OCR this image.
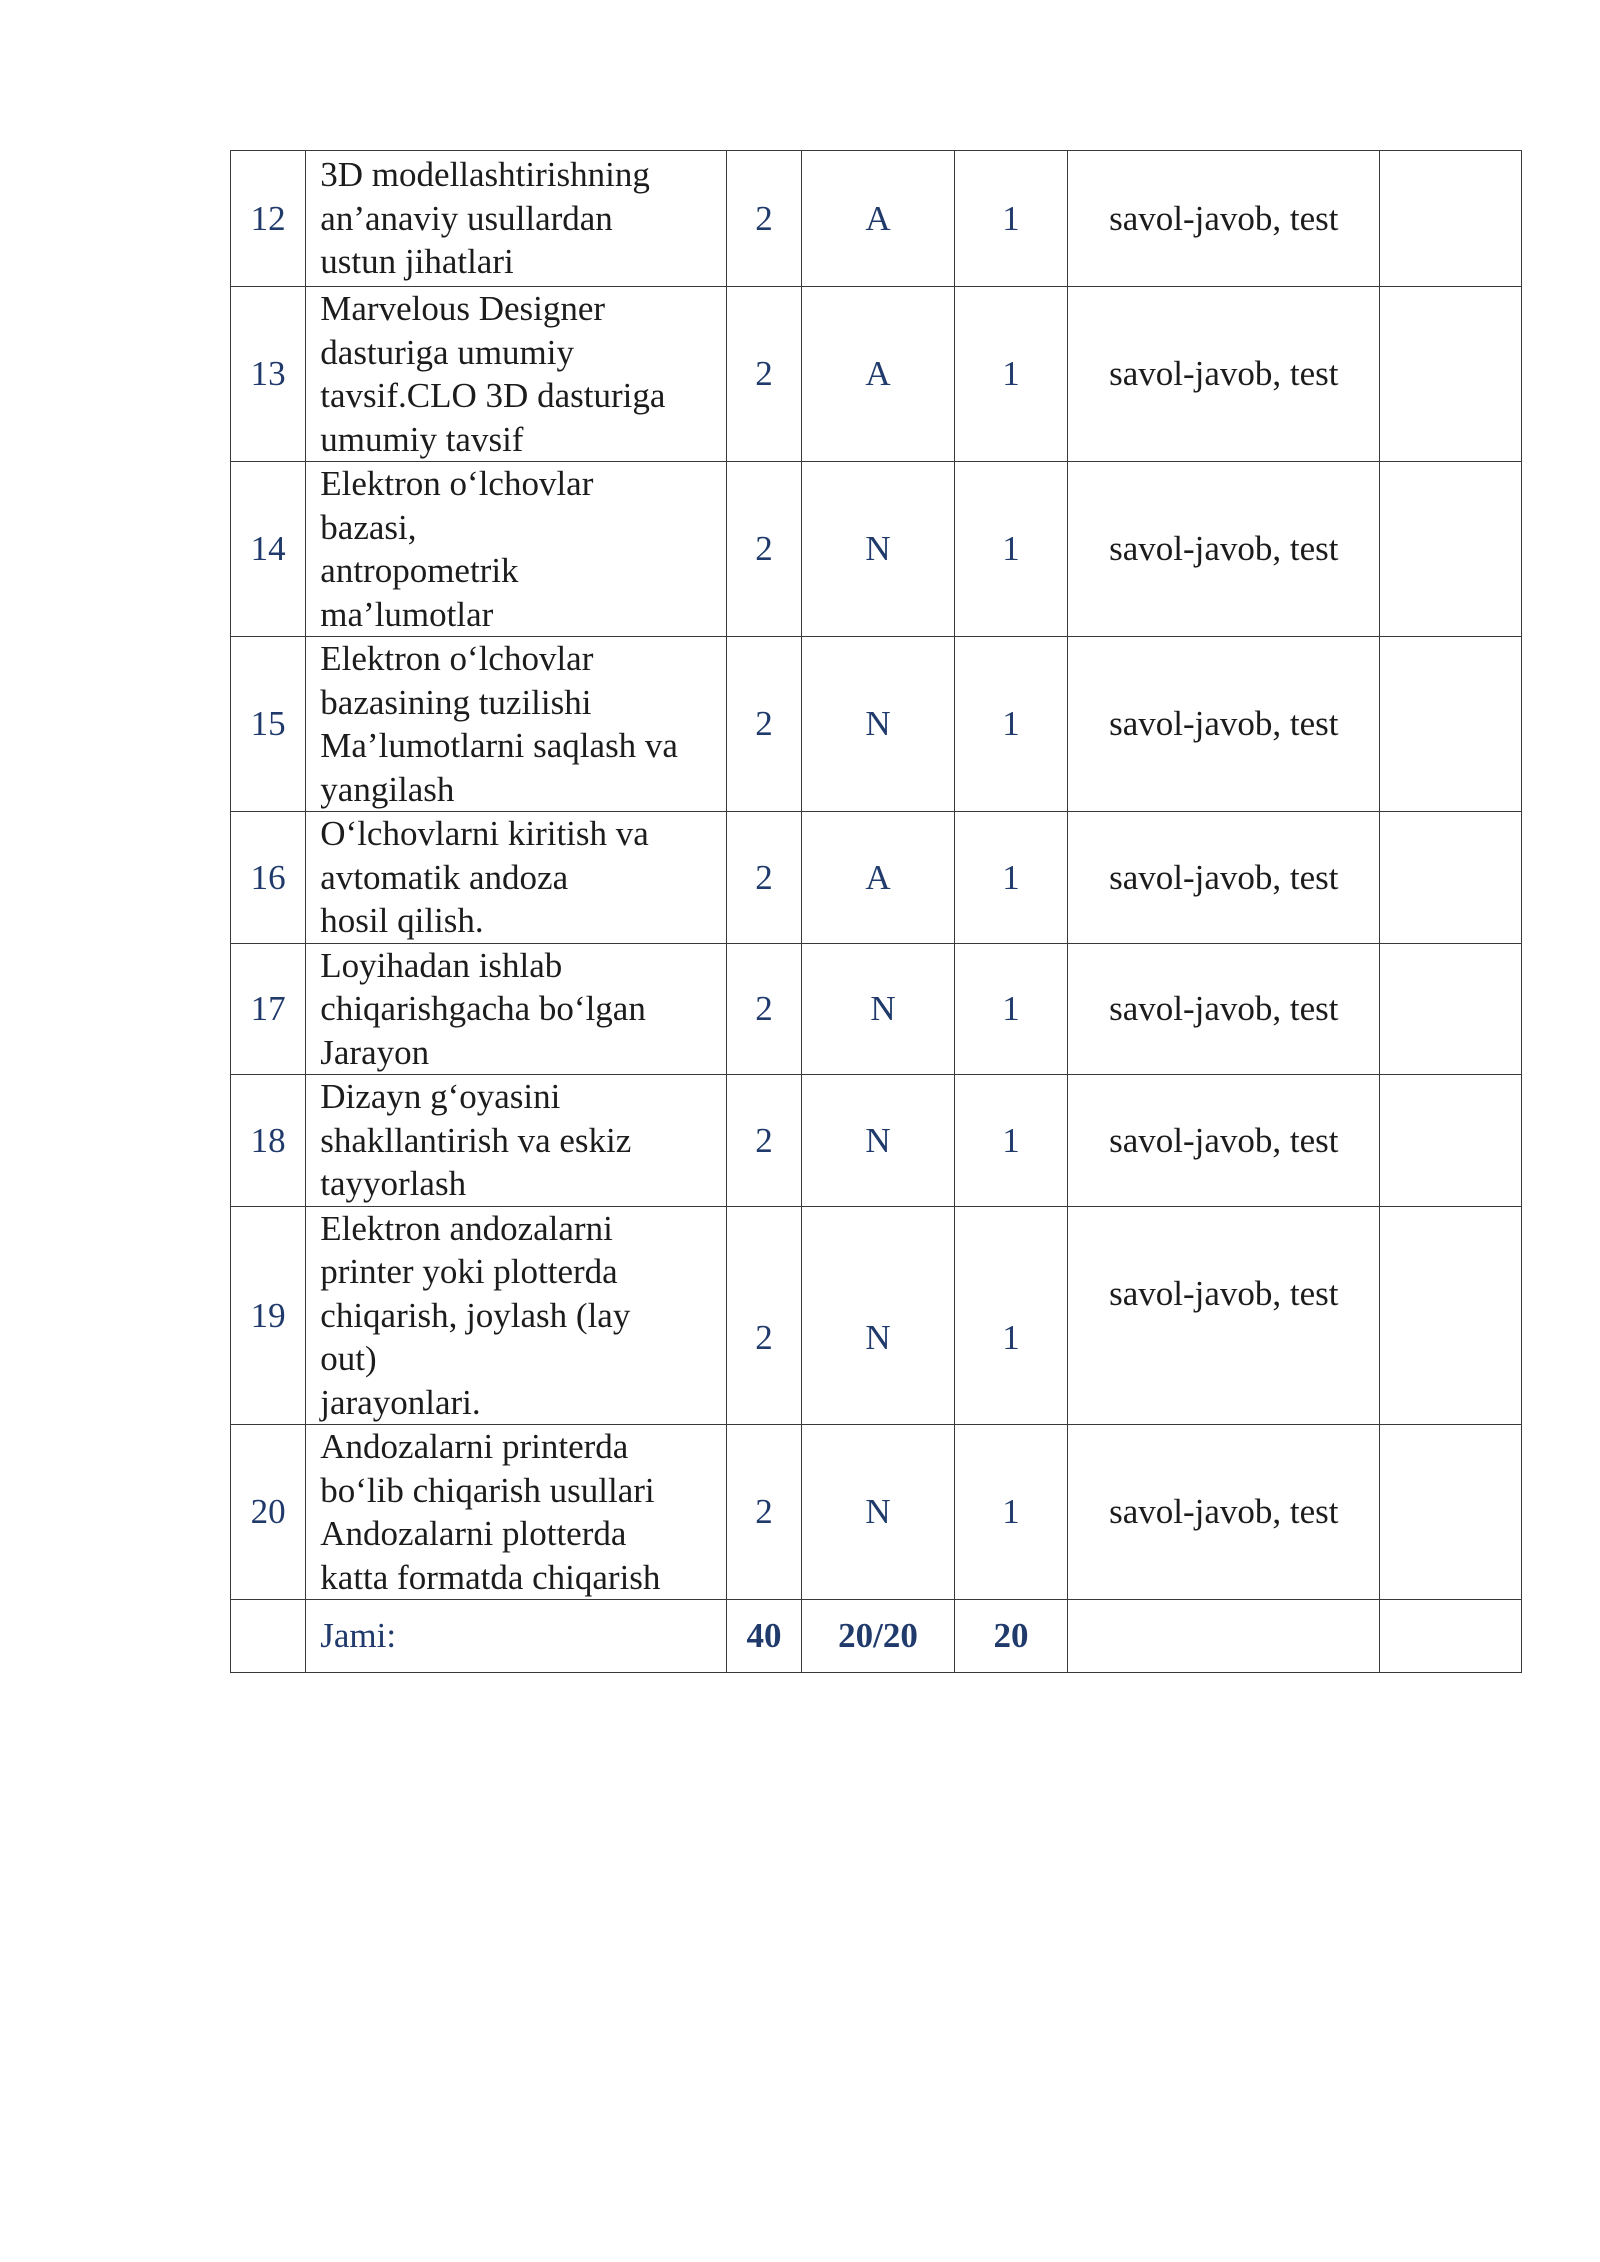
12	3D modellashtirishning
an’anaviy usullardan
ustun jihatlari	2	A	1	savol-javob, test	
13	Marvelous Designer
dasturiga umumiy
tavsif.CLO 3D dasturiga
umumiy tavsif	2	A	1	savol-javob, test	
14	Elektron o‘lchovlar
bazasi,
antropometrik
ma’lumotlar	2	N	1	savol-javob, test	
15	Elektron o‘lchovlar
bazasining tuzilishi
Ma’lumotlarni saqlash va
yangilash	2	N	1	savol-javob, test	
16	O‘lchovlarni kiritish va
avtomatik andoza
hosil qilish.	2	A	1	savol-javob, test	
17	Loyihadan ishlab
chiqarishgacha bo‘lgan
Jarayon	2	N	1	savol-javob, test	
18	Dizayn g‘oyasini
shakllantirish va eskiz
tayyorlash	2	N	1	savol-javob, test	
19	Elektron andozalarni
printer yoki plotterda
chiqarish, joylash (lay
out)
jarayonlari.	2	N	1	savol-javob, test	
20	Andozalarni printerda
bo‘lib chiqarish usullari
Andozalarni plotterda
katta formatda chiqarish	2	N	1	savol-javob, test	
	Jami:	40	20/20	20		
